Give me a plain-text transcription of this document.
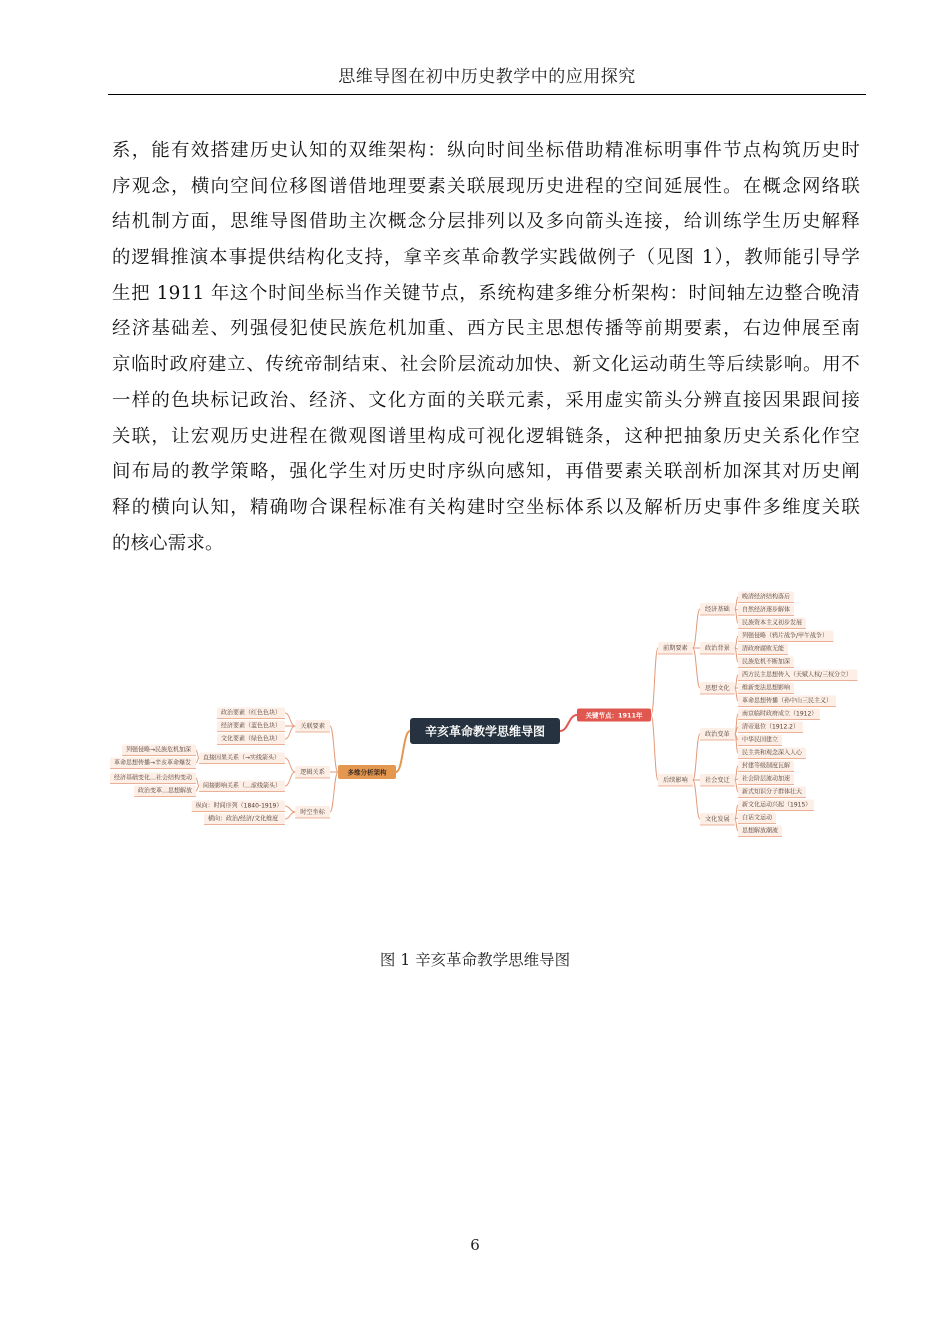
思维导图在初中历史教学中的应用探究
系，能有效搭建历史认知的双维架构：纵向时间坐标借助精准标明事件节点构筑历史时
序观念，横向空间位移图谱借地理要素关联展现历史进程的空间延展性。在概念网络联
结机制方面，思维导图借助主次概念分层排列以及多向箭头连接，给训练学生历史解释
的逻辑推演本事提供结构化支持，拿辛亥革命教学实践做例子（见图 1），教师能引导学
生把 1911 年这个时间坐标当作关键节点，系统构建多维分析架构：时间轴左边整合晚清
经济基础差、列强侵犯使民族危机加重、西方民主思想传播等前期要素，右边伸展至南
京临时政府建立、传统帝制结束、社会阶层流动加快、新文化运动萌生等后续影响。用不
一样的色块标记政治、经济、文化方面的关联元素，采用虚实箭头分辨直接因果跟间接
关联，让宏观历史进程在微观图谱里构成可视化逻辑链条，这种把抽象历史关系化作空
间布局的教学策略，强化学生对历史时序纵向感知，再借要素关联剖析加深其对历史阐
释的横向认知，精确吻合课程标准有关构建时空坐标体系以及解析历史事件多维度关联
的核心需求。
辛亥革命教学思维导图
关键节点：1911年
多维分析架构
前期要素
经济基础
晚清经济结构落后
自然经济逐步解体
民族资本主义初步发展
政治背景
列强侵略（鸦片战争/甲午战争）
清政府腐败无能
民族危机不断加深
思想文化
西方民主思想传入（天赋人权/三权分立）
维新变法思想影响
革命思想传播（孙中山三民主义）
后续影响
政治变革
南京临时政府成立（1912）
清帝退位（1912.2）
中华民国建立
民主共和观念深入人心
社会变迁
封建等级制度瓦解
社会阶层流动加速
新式知识分子群体壮大
文化发展
新文化运动兴起（1915）
白话文运动
思想解放潮流
关联要素
政治要素（红色色块）
经济要素（蓝色色块）
文化要素（绿色色块）
逻辑关系
直接因果关系（→实线箭头）
列强侵略→民族危机加深
革命思想传播→辛亥革命爆发
间接影响关系（…虚线箭头）
经济基础变化…社会结构变动
政治变革…思想解放
时空坐标
纵向：时间序列（1840-1919）
横向：政治/经济/文化维度
图 1 辛亥革命教学思维导图
6
